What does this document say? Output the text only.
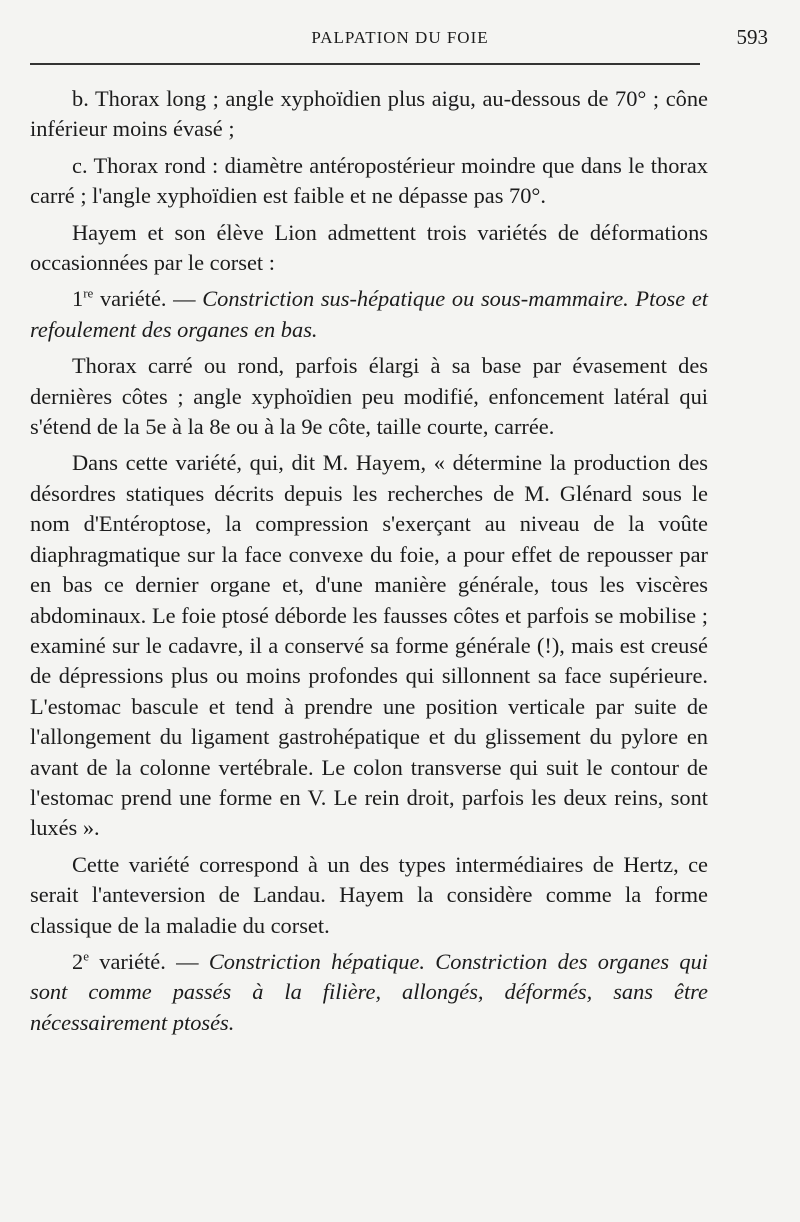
PALPATION DU FOIE	593

b. Thorax long ; angle xyphoïdien plus aigu, au-dessous de 70° ; cône inférieur moins évasé ;

c. Thorax rond : diamètre antéropostérieur moindre que dans le thorax carré ; l'angle xyphoïdien est faible et ne dépasse pas 70°.

Hayem et son élève Lion admettent trois variétés de déformations occasionnées par le corset :

1re variété. — Constriction sus-hépatique ou sous-mammaire. Ptose et refoulement des organes en bas.

Thorax carré ou rond, parfois élargi à sa base par évasement des dernières côtes ; angle xyphoïdien peu modifié, enfoncement latéral qui s'étend de la 5e à la 8e ou à la 9e côte, taille courte, carrée.

Dans cette variété, qui, dit M. Hayem, « détermine la production des désordres statiques décrits depuis les recherches de M. Glénard sous le nom d'Entéroptose, la compression s'exerçant au niveau de la voûte diaphragmatique sur la face convexe du foie, a pour effet de repousser par en bas ce dernier organe et, d'une manière générale, tous les viscères abdominaux. Le foie ptosé déborde les fausses côtes et parfois se mobilise ; examiné sur le cadavre, il a conservé sa forme générale (!), mais est creusé de dépressions plus ou moins profondes qui sillonnent sa face supérieure. L'estomac bascule et tend à prendre une position verticale par suite de l'allongement du ligament gastrohépatique et du glissement du pylore en avant de la colonne vertébrale. Le colon transverse qui suit le contour de l'estomac prend une forme en V. Le rein droit, parfois les deux reins, sont luxés ».

Cette variété correspond à un des types intermédiaires de Hertz, ce serait l'anteversion de Landau. Hayem la considère comme la forme classique de la maladie du corset.

2e variété. — Constriction hépatique. Constriction des organes qui sont comme passés à la filière, allongés, déformés, sans être nécessairement ptosés.
